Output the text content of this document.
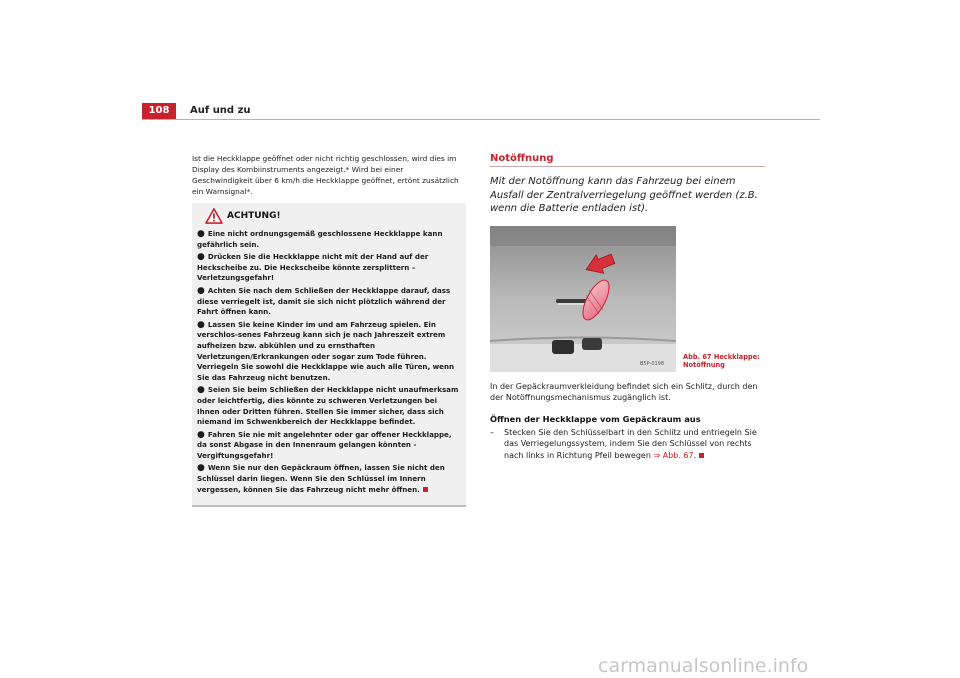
108	Auf und zu

Ist die Heckklappe geöffnet oder nicht richtig geschlossen, wird dies im Display des Kombiinstruments angezeigt.* Wird bei einer Geschwindigkeit über 6 km/h die Heckklappe geöffnet, ertönt zusätzlich ein Warnsignal*.

ACHTUNG!

● Eine nicht ordnungsgemäß geschlossene Heckklappe kann gefährlich sein.

● Drücken Sie die Heckklappe nicht mit der Hand auf der Heckscheibe zu. Die Heckscheibe könnte zersplittern – Verletzungsgefahr!

● Achten Sie nach dem Schließen der Heckklappe darauf, dass diese verriegelt ist, damit sie sich nicht plötzlich während der Fahrt öffnen kann.

● Lassen Sie keine Kinder im und am Fahrzeug spielen. Ein verschlos-senes Fahrzeug kann sich je nach Jahreszeit extrem aufheizen bzw. abkühlen und zu ernsthaften Verletzungen/Erkrankungen oder sogar zum Tode führen. Verriegeln Sie sowohl die Heckklappe wie auch alle Türen, wenn Sie das Fahrzeug nicht benutzen.

● Seien Sie beim Schließen der Heckklappe nicht unaufmerksam oder leichtfertig, dies könnte zu schweren Verletzungen bei Ihnen oder Dritten führen. Stellen Sie immer sicher, dass sich niemand im Schwenkbereich der Heckklappe befindet.

● Fahren Sie nie mit angelehnter oder gar offener Heckklappe, da sonst Abgase in den Innenraum gelangen könnten - Vergiftungsgefahr!

● Wenn Sie nur den Gepäckraum öffnen, lassen Sie nicht den Schlüssel darin liegen. Wenn Sie den Schlüssel im Innern vergessen, können Sie das Fahrzeug nicht mehr öffnen.

Notöffnung

Mit der Notöffnung kann das Fahrzeug bei einem Ausfall der Zentralverriegelung geöffnet werden (z.B. wenn die Batterie entladen ist).

B5P-0198
Abb. 67 Heckklappe:
Notöffnung

In der Gepäckraumverkleidung befindet sich ein Schlitz, durch den der Notöffnungsmechanismus zugänglich ist.

Öffnen der Heckklappe vom Gepäckraum aus

–	Stecken Sie den Schlüsselbart in den Schlitz und entriegeln Sie das Verriegelungssystem, indem Sie den Schlüssel von rechts nach links in Richtung Pfeil bewegen ⇒ Abb. 67.
carmanualsonline.info
